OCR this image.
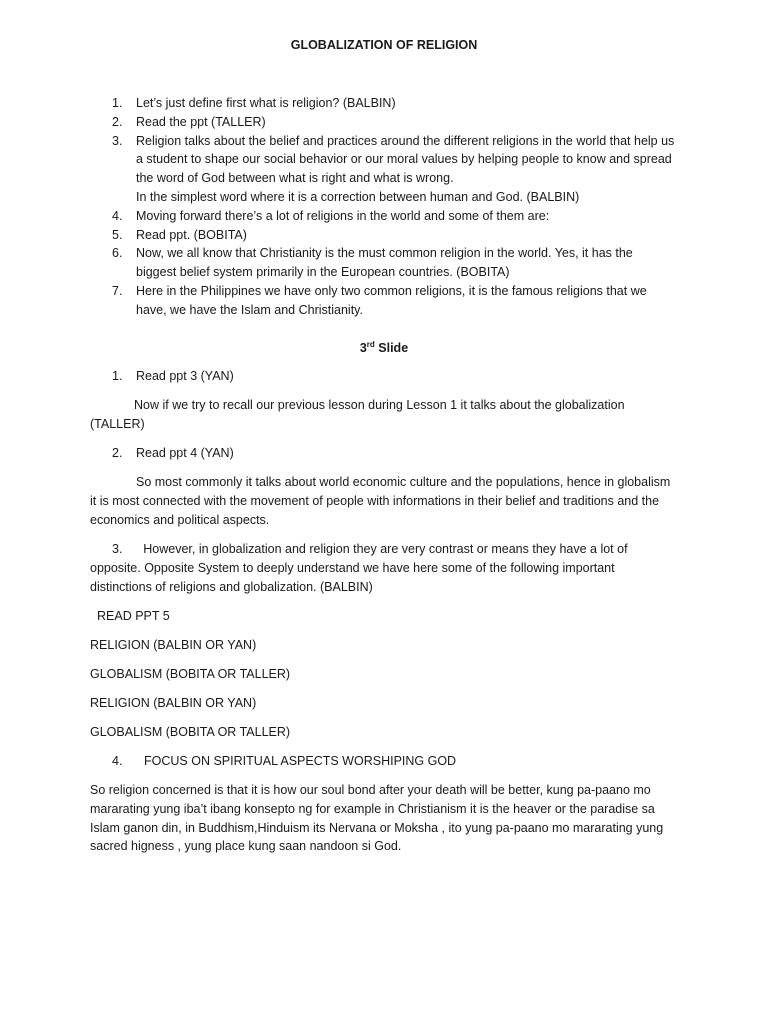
GLOBALIZATION OF RELIGION
1. Let’s just define first what is religion? (BALBIN)
2. Read the ppt (TALLER)
3. Religion talks about the belief and practices around the different religions in the world that help us a student to shape our social behavior or our moral values by helping people to know and spread the word of God between what is right and what is wrong.
In the simplest word where it is a correction between human and God. (BALBIN)
4. Moving forward there’s a lot of religions in the world and some of them are:
5. Read ppt. (BOBITA)
6. Now, we all know that Christianity is the must common religion in the world. Yes, it has the biggest belief system primarily in the European countries. (BOBITA)
7. Here in the Philippines we have only two common religions, it is the famous religions that we have, we have the Islam and Christianity.
3rd Slide
1. Read ppt 3 (YAN)

Now if we try to recall our previous lesson during Lesson 1 it talks about the globalization (TALLER)

2. Read ppt 4 (YAN)

So most commonly it talks about world economic culture and the populations, hence in globalism it is most connected with the movement of people with informations in their belief and traditions and the economics and political aspects.

3.      However, in globalization and religion they are very contrast or means they have a lot of opposite. Opposite System to deeply understand we have here some of the following important distinctions of religions and globalization. (BALBIN)

READ PPT 5

RELIGION (BALBIN OR YAN)

GLOBALISM (BOBITA OR TALLER)

RELIGION (BALBIN OR YAN)

GLOBALISM (BOBITA OR TALLER)

4. FOCUS ON SPIRITUAL ASPECTS WORSHIPING GOD

So religion concerned is that it is how our soul bond after your death will be better, kung pa-paano mo mararating yung iba’t ibang konsepto ng for example in Christianism it is the heaver or the paradise sa Islam ganon din, in Buddhism,Hinduism its Nervana or Moksha , ito yung pa-paano mo mararating yung sacred higness , yung place kung saan nandoon si God.
